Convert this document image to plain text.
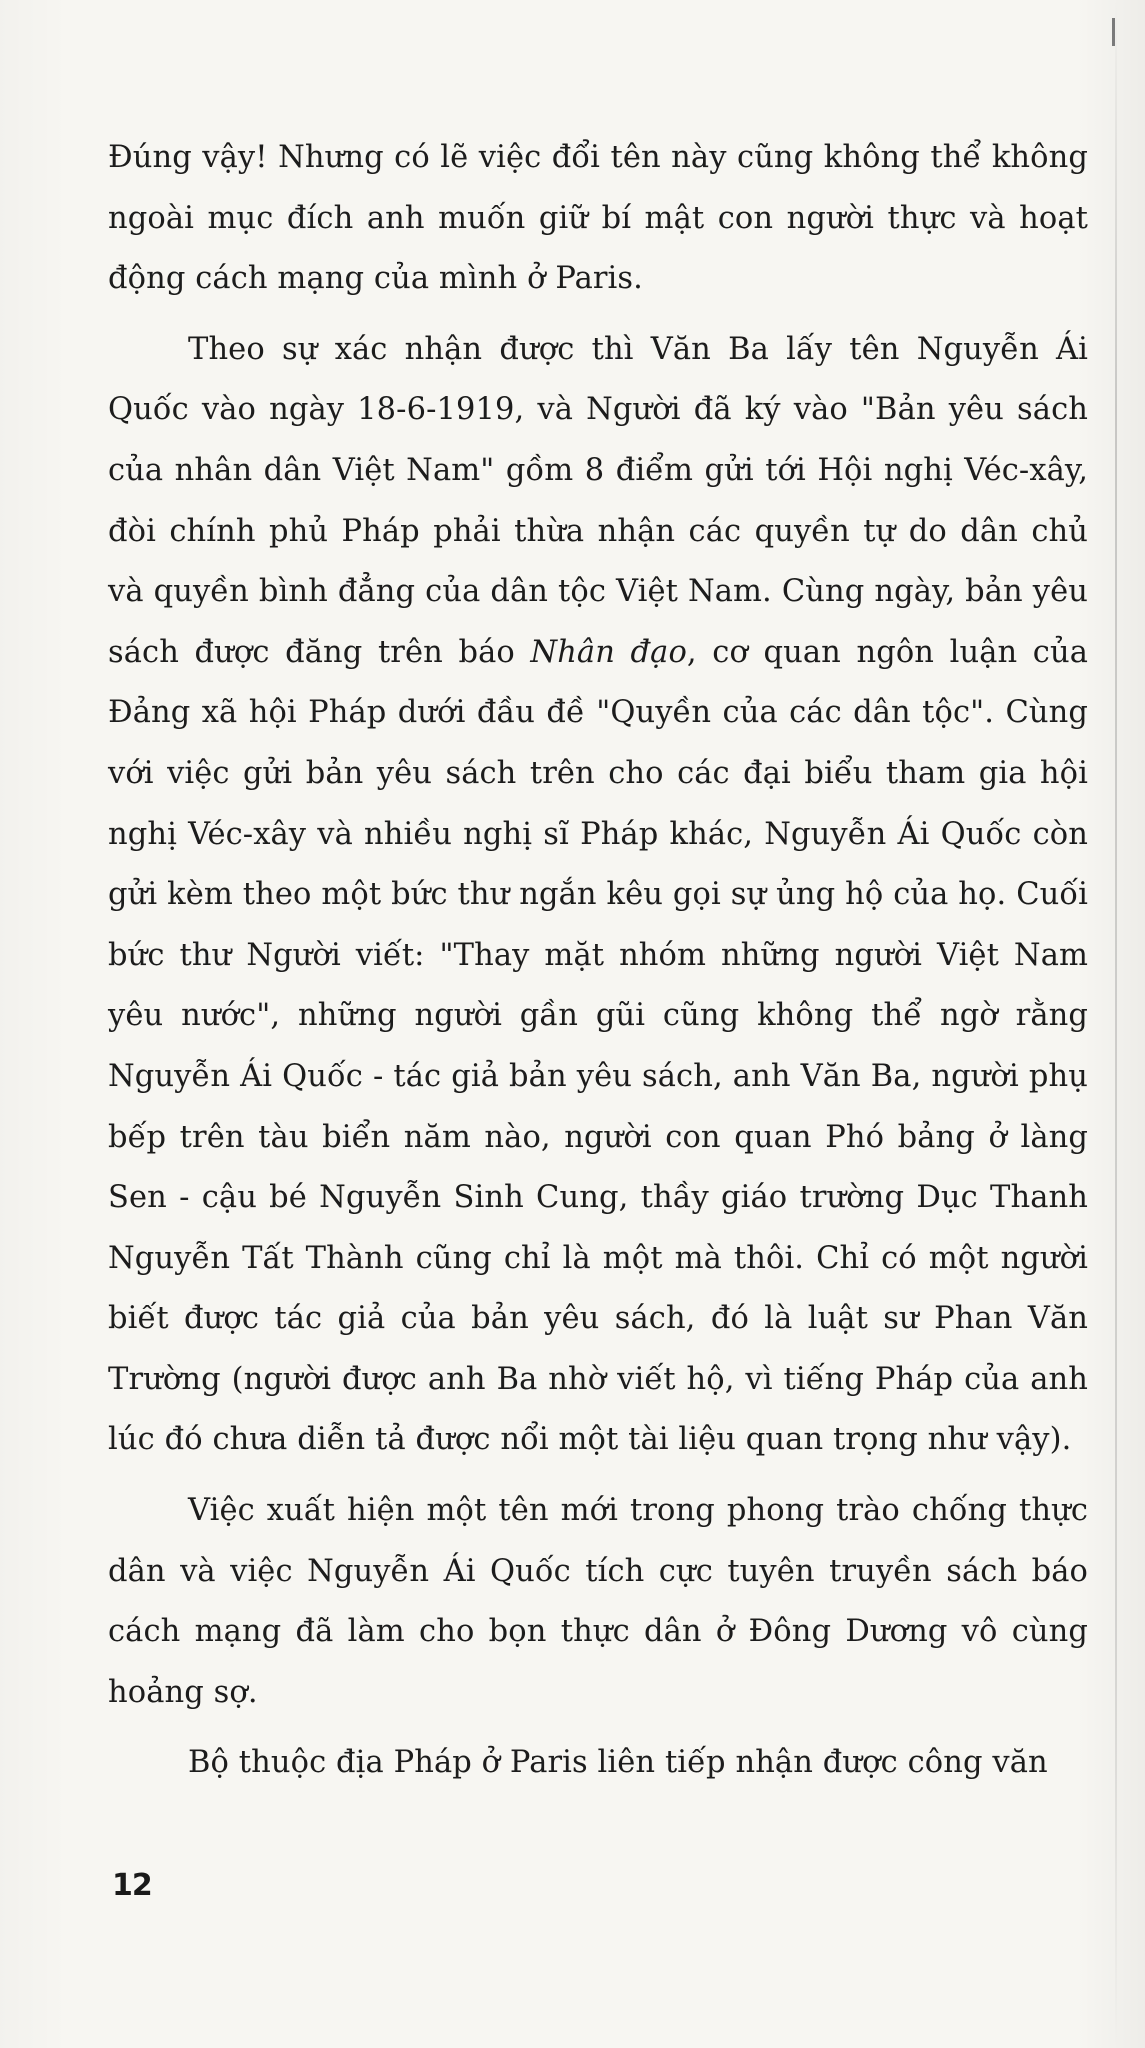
Đúng vậy! Nhưng có lẽ việc đổi tên này cũng không thể không ngoài mục đích anh muốn giữ bí mật con người thực và hoạt động cách mạng của mình ở Paris.

Theo sự xác nhận được thì Văn Ba lấy tên Nguyễn Ái Quốc vào ngày 18-6-1919, và Người đã ký vào "Bản yêu sách của nhân dân Việt Nam" gồm 8 điểm gửi tới Hội nghị Véc-xây, đòi chính phủ Pháp phải thừa nhận các quyền tự do dân chủ và quyền bình đẳng của dân tộc Việt Nam. Cùng ngày, bản yêu sách được đăng trên báo Nhân đạo, cơ quan ngôn luận của Đảng xã hội Pháp dưới đầu đề "Quyền của các dân tộc". Cùng với việc gửi bản yêu sách trên cho các đại biểu tham gia hội nghị Véc-xây và nhiều nghị sĩ Pháp khác, Nguyễn Ái Quốc còn gửi kèm theo một bức thư ngắn kêu gọi sự ủng hộ của họ. Cuối bức thư Người viết: "Thay mặt nhóm những người Việt Nam yêu nước", những người gần gũi cũng không thể ngờ rằng Nguyễn Ái Quốc - tác giả bản yêu sách, anh Văn Ba, người phụ bếp trên tàu biển năm nào, người con quan Phó bảng ở làng Sen - cậu bé Nguyễn Sinh Cung, thầy giáo trường Dục Thanh Nguyễn Tất Thành cũng chỉ là một mà thôi. Chỉ có một người biết được tác giả của bản yêu sách, đó là luật sư Phan Văn Trường (người được anh Ba nhờ viết hộ, vì tiếng Pháp của anh lúc đó chưa diễn tả được nổi một tài liệu quan trọng như vậy).

Việc xuất hiện một tên mới trong phong trào chống thực dân và việc Nguyễn Ái Quốc tích cực tuyên truyền sách báo cách mạng đã làm cho bọn thực dân ở Đông Dương vô cùng hoảng sợ.

Bộ thuộc địa Pháp ở Paris liên tiếp nhận được công văn

12
